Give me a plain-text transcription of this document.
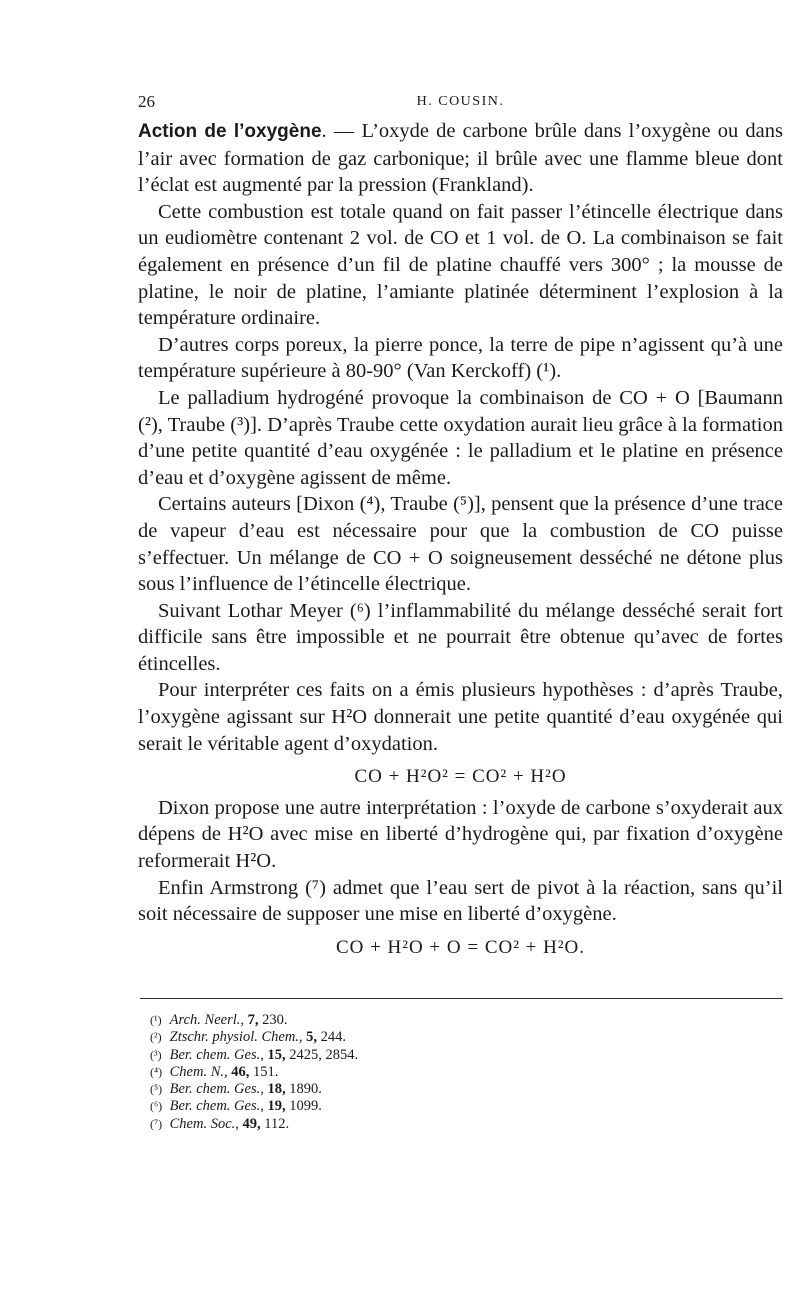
26	H. COUSIN.

Action de l’oxygène. — L’oxyde de carbone brûle dans l’oxygène ou dans l’air avec formation de gaz carbonique; il brûle avec une flamme bleue dont l’éclat est augmenté par la pression (Frankland).

Cette combustion est totale quand on fait passer l’étincelle électrique dans un eudiomètre contenant 2 vol. de CO et 1 vol. de O. La combinaison se fait également en présence d’un fil de platine chauffé vers 300° ; la mousse de platine, le noir de platine, l’amiante platinée déterminent l’explosion à la température ordinaire.

D’autres corps poreux, la pierre ponce, la terre de pipe n’agissent qu’à une température supérieure à 80-90° (Van Kerckoff) (¹).

Le palladium hydrogéné provoque la combinaison de CO + O [Baumann (²), Traube (³)]. D’après Traube cette oxydation aurait lieu grâce à la formation d’une petite quantité d’eau oxygénée : le palladium et le platine en présence d’eau et d’oxygène agissent de même.

Certains auteurs [Dixon (⁴), Traube (⁵)], pensent que la présence d’une trace de vapeur d’eau est nécessaire pour que la combustion de CO puisse s’effectuer. Un mélange de CO + O soigneusement desséché ne détone plus sous l’influence de l’étincelle électrique.

Suivant Lothar Meyer (⁶) l’inflammabilité du mélange desséché serait fort difficile sans être impossible et ne pourrait être obtenue qu’avec de fortes étincelles.

Pour interpréter ces faits on a émis plusieurs hypothèses : d’après Traube, l’oxygène agissant sur H²O donnerait une petite quantité d’eau oxygénée qui serait le véritable agent d’oxydation.

CO + H²O² = CO² + H²O

Dixon propose une autre interprétation : l’oxyde de carbone s’oxyderait aux dépens de H²O avec mise en liberté d’hydrogène qui, par fixation d’oxygène reformerait H²O.

Enfin Armstrong (⁷) admet que l’eau sert de pivot à la réaction, sans qu’il soit nécessaire de supposer une mise en liberté d’oxygène.

CO + H²O + O = CO² + H²O.
(¹) Arch. Neerl., 7, 230.
(²) Ztschr. physiol. Chem., 5, 244.
(³) Ber. chem. Ges., 15, 2425, 2854.
(⁴) Chem. N., 46, 151.
(⁵) Ber. chem. Ges., 18, 1890.
(⁶) Ber. chem. Ges., 19, 1099.
(⁷) Chem. Soc., 49, 112.
